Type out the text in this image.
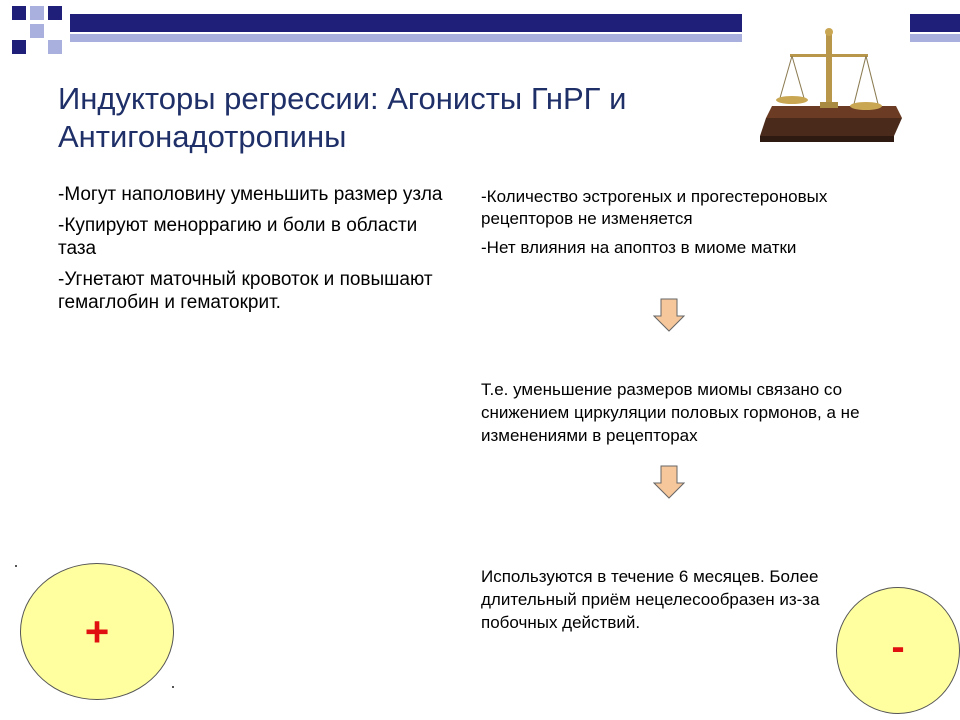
Индукторы регрессии: Агонисты ГнРГ и
Антигонадотропины

-Могут наполовину уменьшить размер узла

-Купируют меноррагию и боли в области таза

-Угнетают маточный кровоток и повышают гемаглобин и гематокрит.

-Количество эстрогеных и прогестероновых рецепторов не изменяется

-Нет влияния на апоптоз в миоме матки

Т.е. уменьшение размеров миомы связано со снижением циркуляции половых гормонов, а не изменениями в рецепторах

Используются в течение 6 месяцев. Более длительный приём нецелесообразен из-за побочных действий.

+	-
